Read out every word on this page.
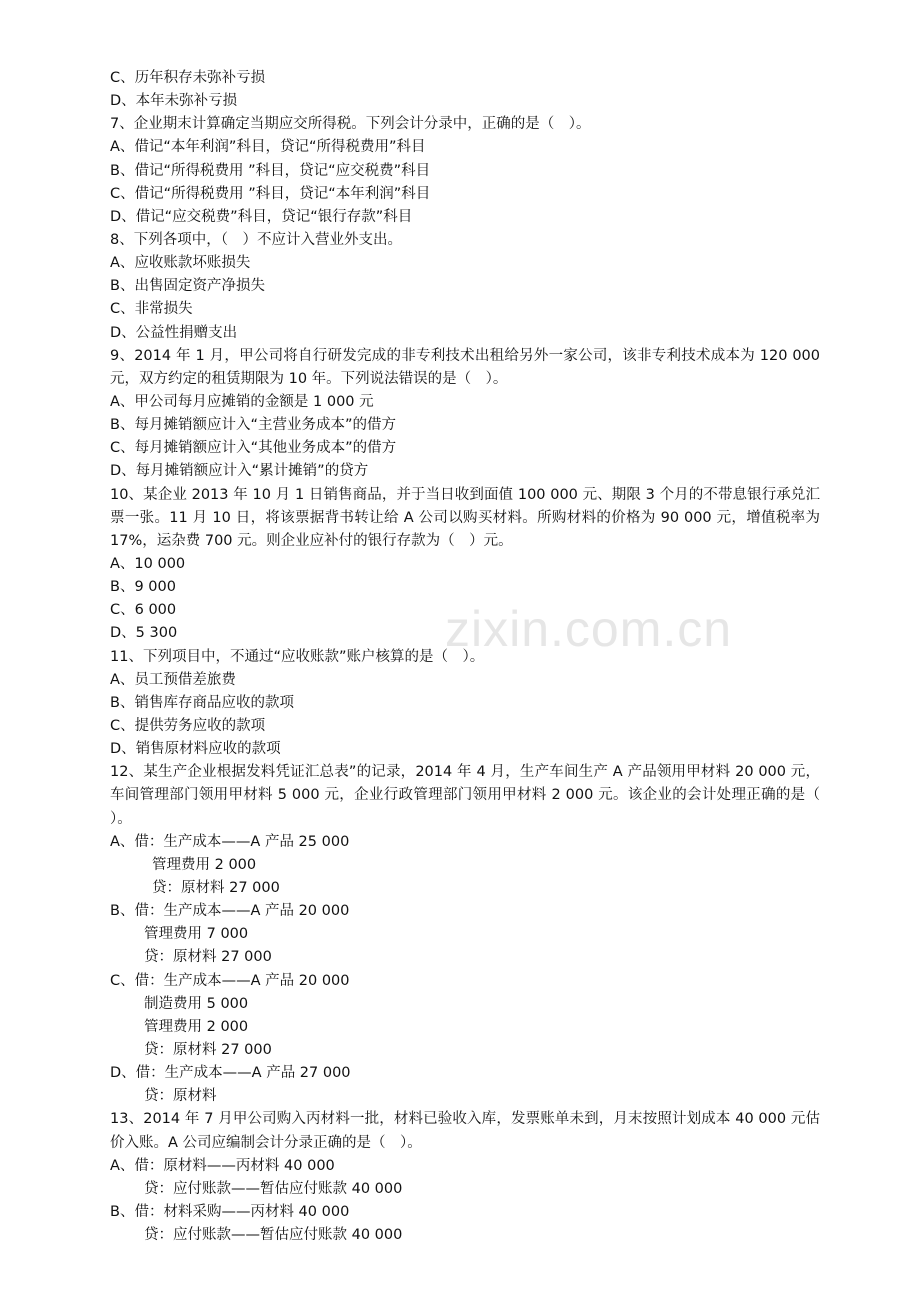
zixin.com.cn
C、历年积存未弥补亏损
D、本年未弥补亏损
7、企业期末计算确定当期应交所得税。下列会计分录中，正确的是（　）。
A、借记“本年利润”科目，贷记“所得税费用”科目
B、借记“所得税费用 ”科目，贷记“应交税费”科目
C、借记“所得税费用 ”科目，贷记“本年利润”科目
D、借记“应交税费”科目，贷记“银行存款”科目
8、下列各项中，（　）不应计入营业外支出。
A、应收账款坏账损失
B、出售固定资产净损失
C、非常损失
D、公益性捐赠支出
9、2014 年 1 月，甲公司将自行研发完成的非专利技术出租给另外一家公司，该非专利技术成本为 120 000 元，双方约定的租赁期限为 10 年。下列说法错误的是（　）。
A、甲公司每月应摊销的金额是 1 000 元
B、每月摊销额应计入“主营业务成本”的借方
C、每月摊销额应计入“其他业务成本”的借方
D、每月摊销额应计入“累计摊销”的贷方
10、某企业 2013 年 10 月 1 日销售商品，并于当日收到面值 100 000 元、期限 3 个月的不带息银行承兑汇票一张。11 月 10 日，将该票据背书转让给 A 公司以购买材料。所购材料的价格为 90 000 元，增值税率为 17%，运杂费 700 元。则企业应补付的银行存款为（　）元。
A、10 000
B、9 000
C、6 000
D、5 300
11、下列项目中，不通过“应收账款”账户核算的是（　）。
A、员工预借差旅费
B、销售库存商品应收的款项
C、提供劳务应收的款项
D、销售原材料应收的款项
12、某生产企业根据发料凭证汇总表”的记录，2014 年 4 月，生产车间生产 A 产品领用甲材料 20 000 元，车间管理部门领用甲材料 5 000 元，企业行政管理部门领用甲材料 2 000 元。该企业的会计处理正确的是（ ）。
A、借：生产成本——A 产品 25 000
管理费用 2 000
贷：原材料 27 000
B、借：生产成本——A 产品 20 000
管理费用 7 000
贷：原材料 27 000
C、借：生产成本——A 产品 20 000
制造费用 5 000
管理费用 2 000
贷：原材料 27 000
D、借：生产成本——A 产品 27 000
贷：原材料
13、2014 年 7 月甲公司购入丙材料一批，材料已验收入库，发票账单未到，月末按照计划成本 40 000 元估价入账。A 公司应编制会计分录正确的是（　）。
A、借：原材料——丙材料 40 000
贷：应付账款——暂估应付账款 40 000
B、借：材料采购——丙材料 40 000
贷：应付账款——暂估应付账款 40 000
